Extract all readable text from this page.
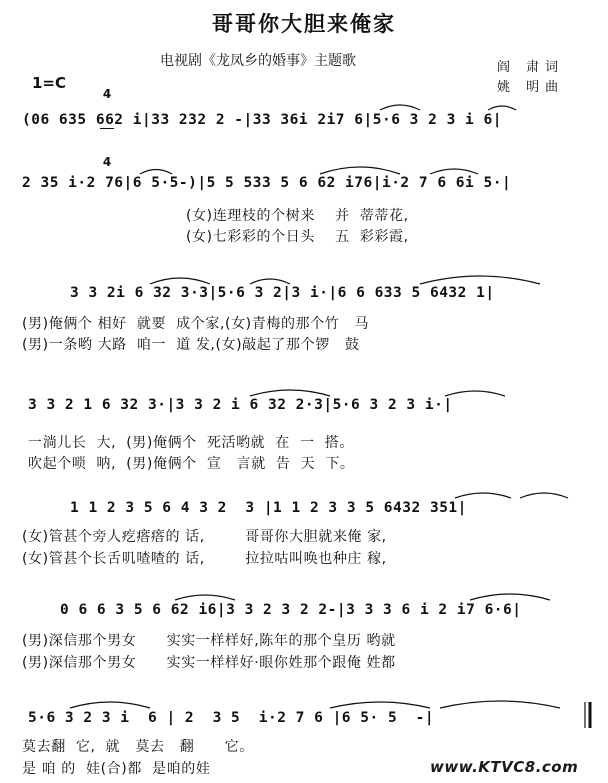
哥哥你大胆来俺家
电视剧《龙凤乡的婚事》主题歌	阎 肃词
姚 明曲
1=C

4

4

(06 635 662 i|33 232 2 -|33 36i 2i7 6|5·6 3 2 3 i 6|
2 35 i·2 76|6 5·5-)|5 5 533 5 6 62 i76|i·2 7 6 6i 5·|
(女)连理枝的个树来    并  蒂蒂花,
(女)七彩彩的个日头    五  彩彩霞,
3 3 2i 6 32 3·3|5·6 3 2|3 i·|6 6 633 5 6432 1|
(男)俺俩个 相好  就要  成个家,(女)青梅的那个竹   马
(男)一条哟 大路  咱一  道 发,(女)敲起了那个锣   鼓
3 3 2 1 6 32 3·|3 3 2 i 6 32 2·3|5·6 3 2 3 i·|
一淌儿长  大,  (男)俺俩个  死活哟就  在  一  搭。
吹起个唢  呐,  (男)俺俩个  宣   言就  告  天  下。
1 1 2 3 5 6 4 3 2  3 |1 1 2 3 3 5 6432 351|
(女)管甚个旁人疙瘩瘩的 话,        哥哥你大胆就来俺 家,
(女)管甚个长舌叽喳喳的 话,        拉拉咕叫唤也种庄 稼,
0 6 6 3 5 6 62 i6|3 3 2 3 2 2-|3 3 3 6 i 2 i7 6·6|
(男)深信那个男女      实实一样样好,陈年的那个皇历 哟就
(男)深信那个男女      实实一样样好·眼你姓那个跟俺 姓都
5·6 3 2 3 i  6 | 2  3 5  i·2 7 6 |6 5· 5  -|
莫去翻  它,  就   莫去   翻      它。
是 咱 的  娃(合)都  是咱的娃	www.KTVC8.com
